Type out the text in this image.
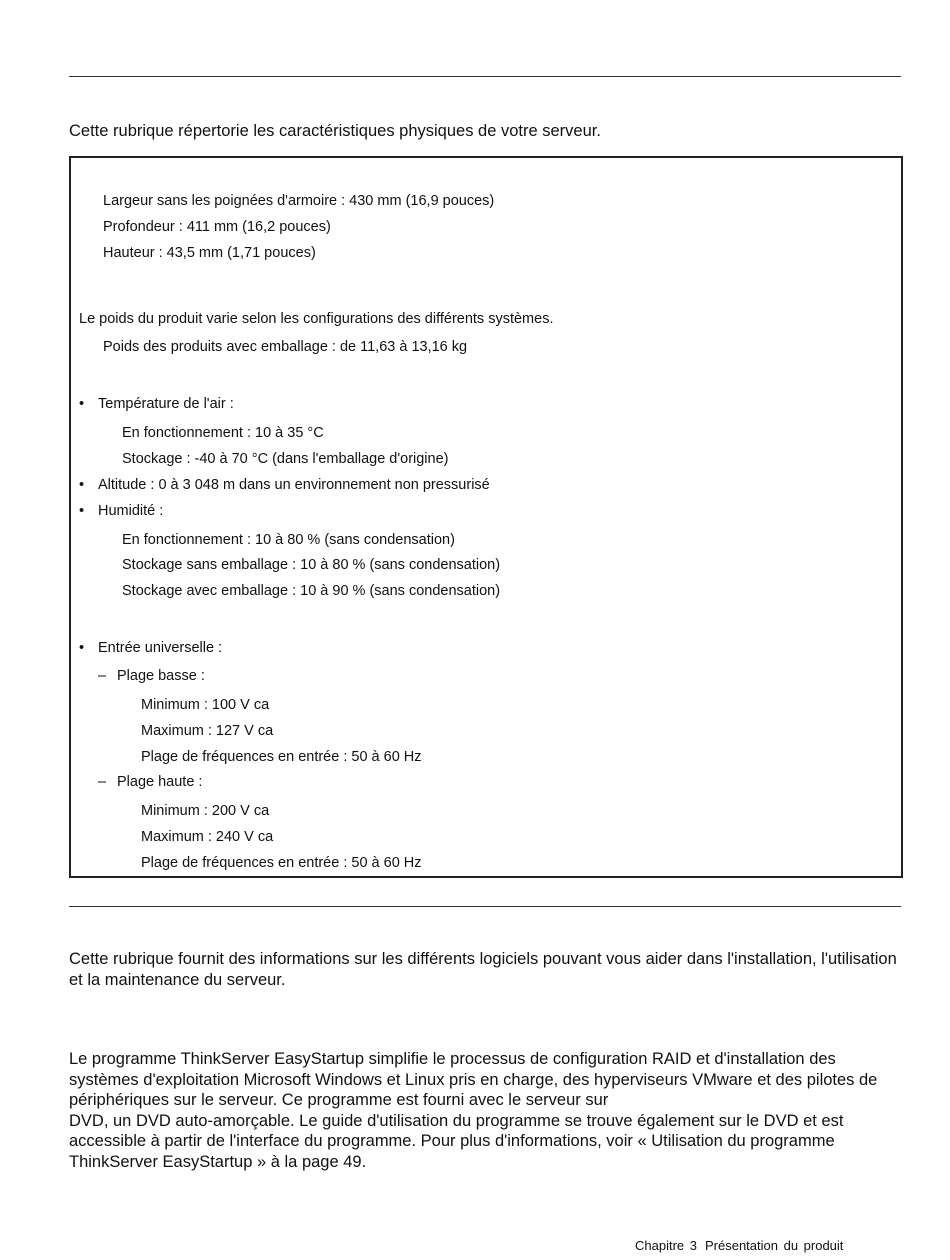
Cette rubrique répertorie les caractéristiques physiques de votre serveur.
Largeur sans les poignées d'armoire : 430 mm (16,9 pouces)
Profondeur : 411 mm (16,2 pouces)
Hauteur : 43,5 mm (1,71 pouces)
Le poids du produit varie selon les configurations des différents systèmes.
Poids des produits avec emballage : de 11,63 à 13,16 kg
• Température de l'air :
En fonctionnement : 10 à 35 °C
Stockage : -40 à 70 °C (dans l'emballage d'origine)
• Altitude : 0 à 3 048 m dans un environnement non pressurisé
• Humidité :
En fonctionnement : 10 à 80 % (sans condensation)
Stockage sans emballage : 10 à 80 % (sans condensation)
Stockage avec emballage : 10 à 90 % (sans condensation)
• Entrée universelle :
– Plage basse :
Minimum : 100 V ca
Maximum : 127 V ca
Plage de fréquences en entrée : 50 à 60 Hz
– Plage haute :
Minimum : 200 V ca
Maximum : 240 V ca
Plage de fréquences en entrée : 50 à 60 Hz
Cette rubrique fournit des informations sur les différents logiciels pouvant vous aider dans l'installation, l'utilisation et la maintenance du serveur.
Le programme ThinkServer EasyStartup simplifie le processus de configuration RAID et d'installation des systèmes d'exploitation Microsoft Windows et Linux pris en charge, des hyperviseurs VMware et des pilotes de périphériques sur le serveur. Ce programme est fourni avec le serveur sur
DVD, un DVD auto-amorçable. Le guide d'utilisation du programme se trouve également sur le DVD et est accessible à partir de l'interface du programme. Pour plus d'informations, voir « Utilisation du programme ThinkServer EasyStartup » à la page 49.
Chapitre 3 Présentation du produit
